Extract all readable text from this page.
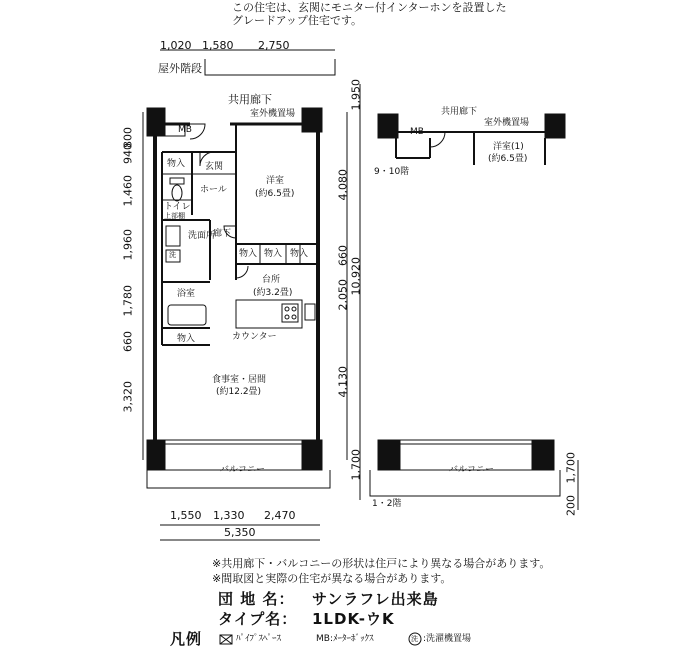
この住宅は、玄関にモニター付インターホンを設置した
グレードアップ住宅です。
1,020 1,580 2,750
屋外階段
共用廊下
室外機置場
MB
物入 玄関
ホール
洋室
(約6.5畳)
トイレ
上部棚
洗面所
洗
廊下
物入 物入 物入
台所
(約3.2畳)
浴室
物入	カウンター
食事室・居間
(約12.2畳)
バルコニー
800
940
1,460
1,960
1,780
660
3,320
4,080
660
2,050
4,130
1,950
10,920
1,700
1,550 1,330 2,470
5,350
共用廊下
室外機置場
MB
洋室(1)
(約6.5畳)
9・10階
バルコニー
1・2階
1,700
200
※共用廊下・バルコニーの形状は住戸により異なる場合があります。
※間取図と実際の住宅が異なる場合があります。
団 地 名： サンラフレ出来島
タイプ名： 1LDK-ウK
凡例	ﾊﾟｲﾌﾟｽﾍﾟｰｽ	MB:ﾒｰﾀｰﾎﾞｯｸｽ	洗 :洗濯機置場
